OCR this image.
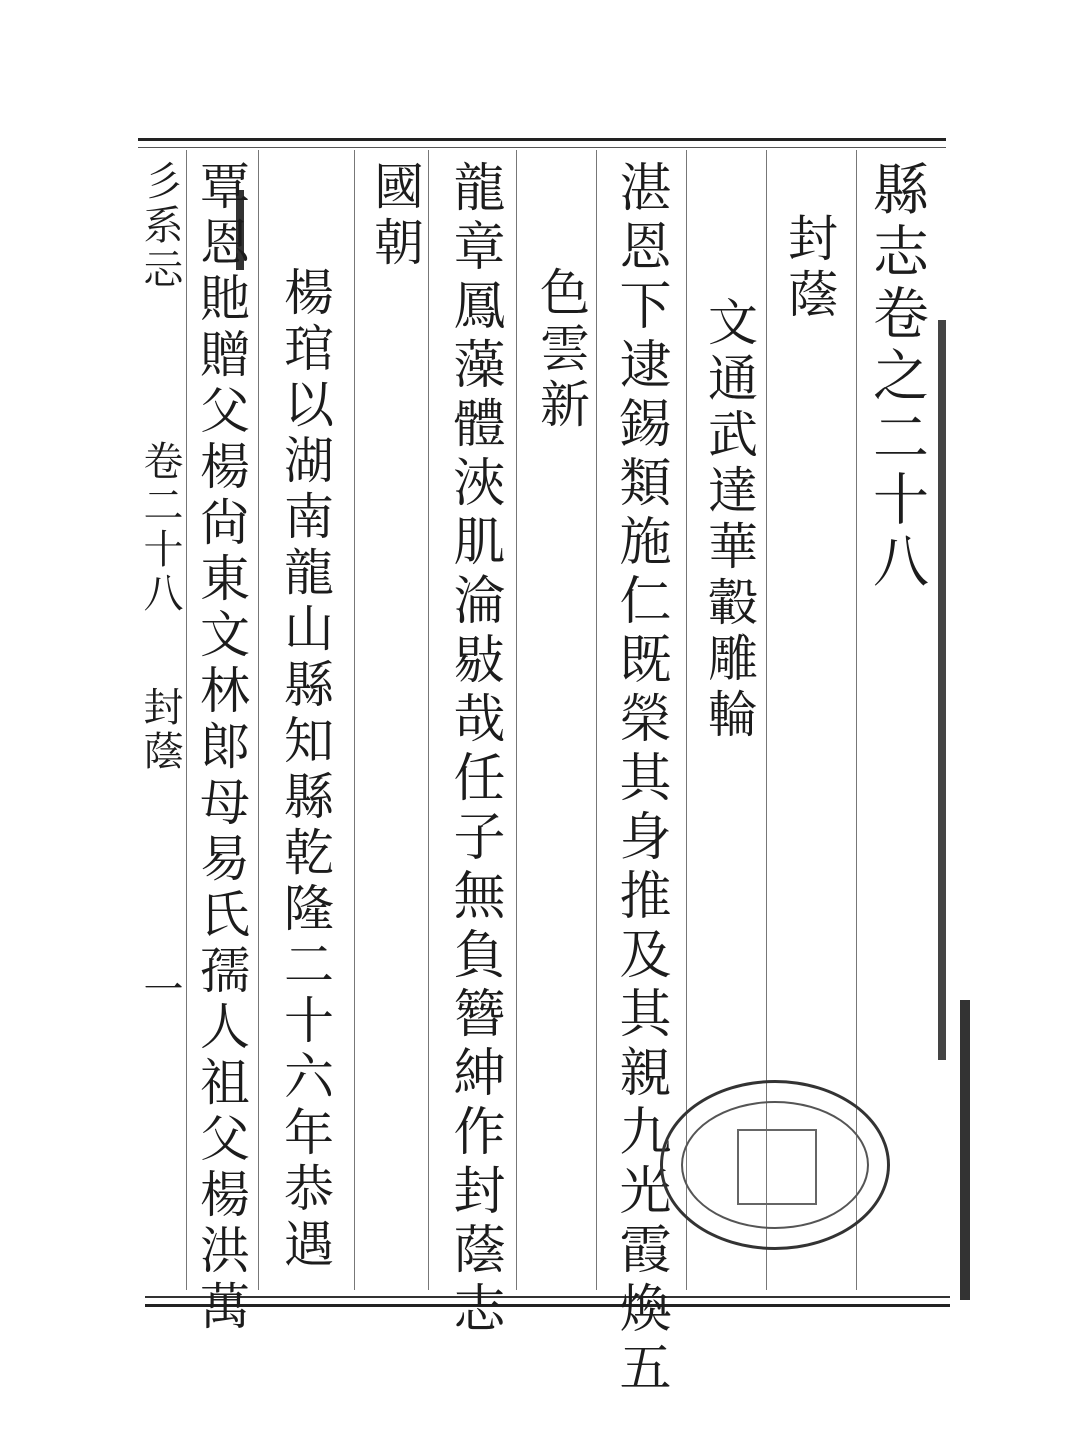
縣志卷之二十八
封蔭
文通武達華轂雕輪
湛恩下逮錫類施仁既榮其身推及其親九光霞煥五
色雲新
龍章鳳藻體浹肌淪敡哉任子無負簪紳作封蔭志
國朝
楊琯以湖南龍山縣知縣乾隆二十六年恭遇
覃恩貤贈父楊尙東文林郞母易氏孺人祖父楊洪萬
彡系忈
卷二十八
封蔭
一
